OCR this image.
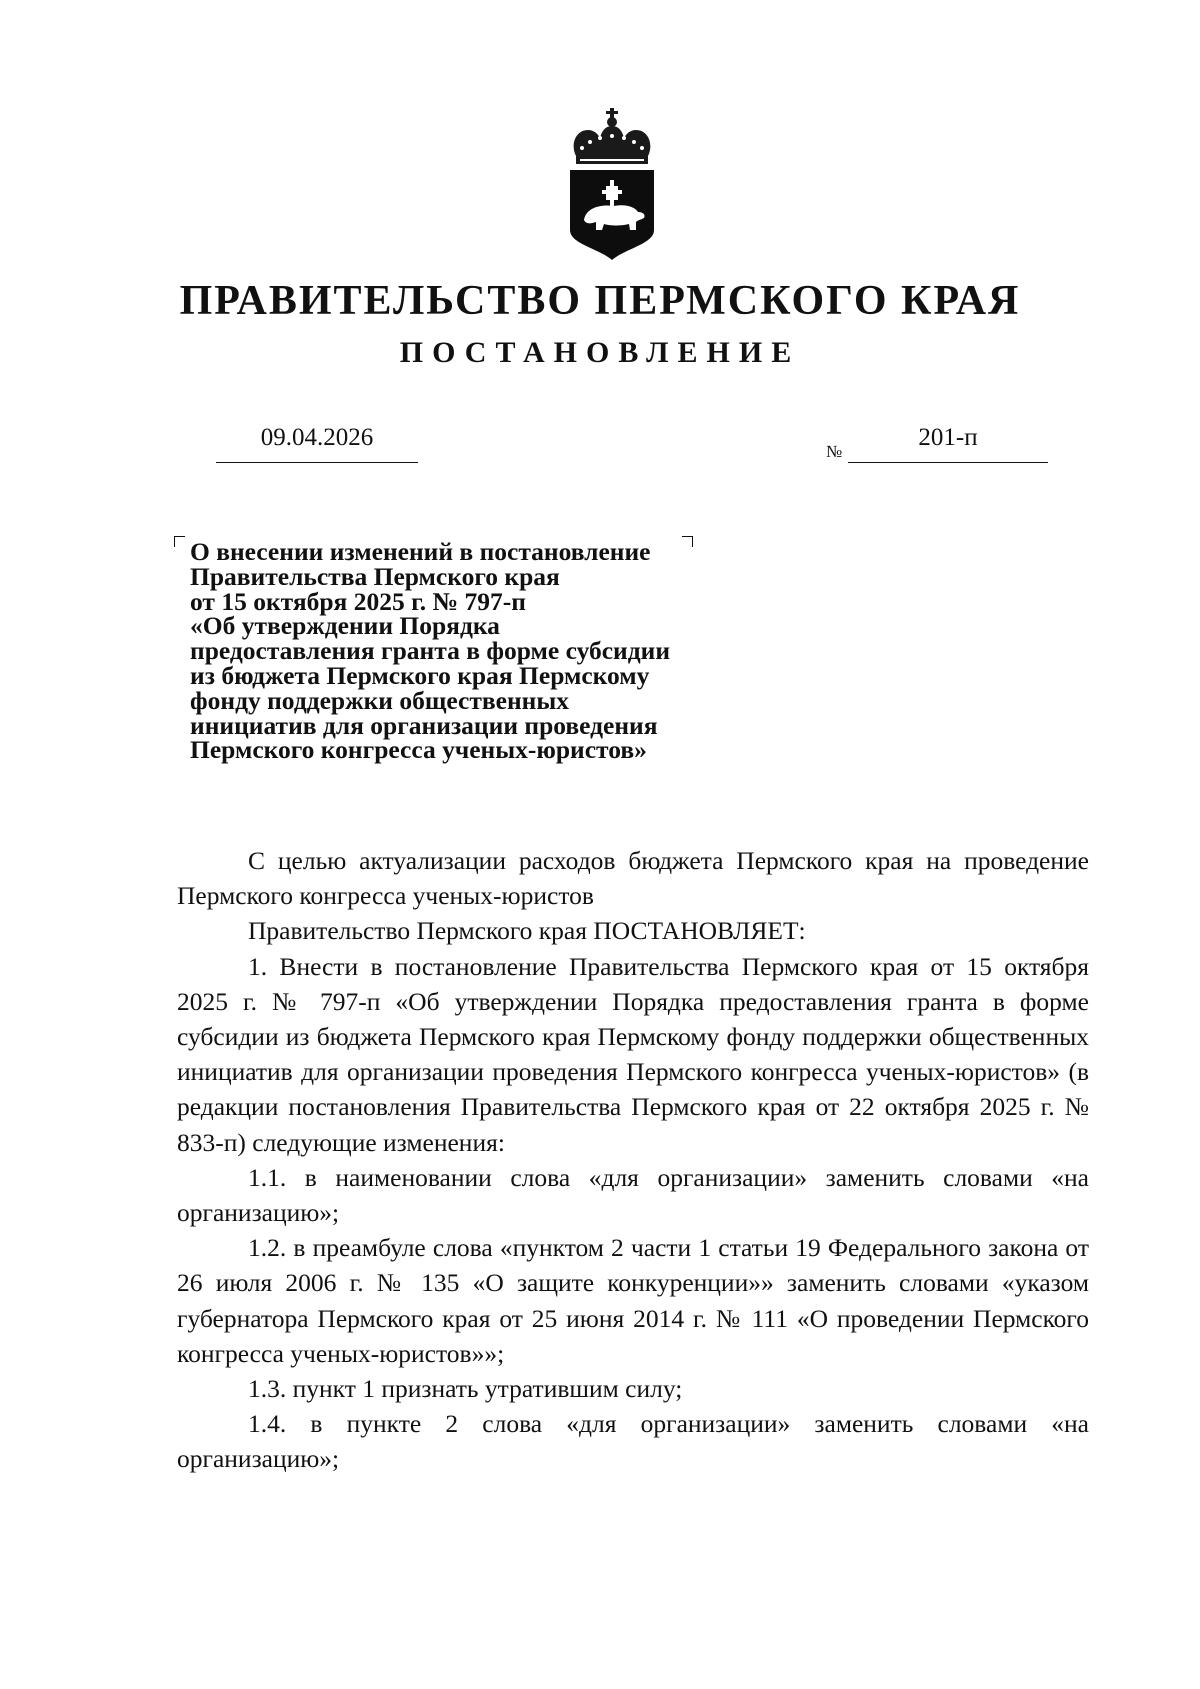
ПРАВИТЕЛЬСТВО ПЕРМСКОГО КРАЯ
ПОСТАНОВЛЕНИЕ
09.04.2026
№
201-п
О внесении изменений в постановление
Правительства Пермского края
от 15 октября 2025 г. № 797-п
«Об утверждении Порядка
предоставления гранта в форме субсидии
из бюджета Пермского края Пермскому
фонду поддержки общественных
инициатив для организации проведения
Пермского конгресса ученых-юристов»

С целью актуализации расходов бюджета Пермского края на проведение Пермского конгресса ученых-юристов

Правительство Пермского края ПОСТАНОВЛЯЕТ:

1. Внести в постановление Правительства Пермского края от 15 октября 2025 г. № 797-п «Об утверждении Порядка предоставления гранта в форме субсидии из бюджета Пермского края Пермскому фонду поддержки общественных инициатив для организации проведения Пермского конгресса ученых-юристов» (в редакции постановления Правительства Пермского края от 22 октября 2025 г. № 833-п) следующие изменения:

1.1. в наименовании слова «для организации» заменить словами «на организацию»;

1.2. в преамбуле слова «пунктом 2 части 1 статьи 19 Федерального закона от 26 июля 2006 г. № 135 «О защите конкуренции»» заменить словами «указом губернатора Пермского края от 25 июня 2014 г. № 111 «О проведении Пермского конгресса ученых-юристов»»;

1.3. пункт 1 признать утратившим силу;

1.4. в пункте 2 слова «для организации» заменить словами «на организацию»;
